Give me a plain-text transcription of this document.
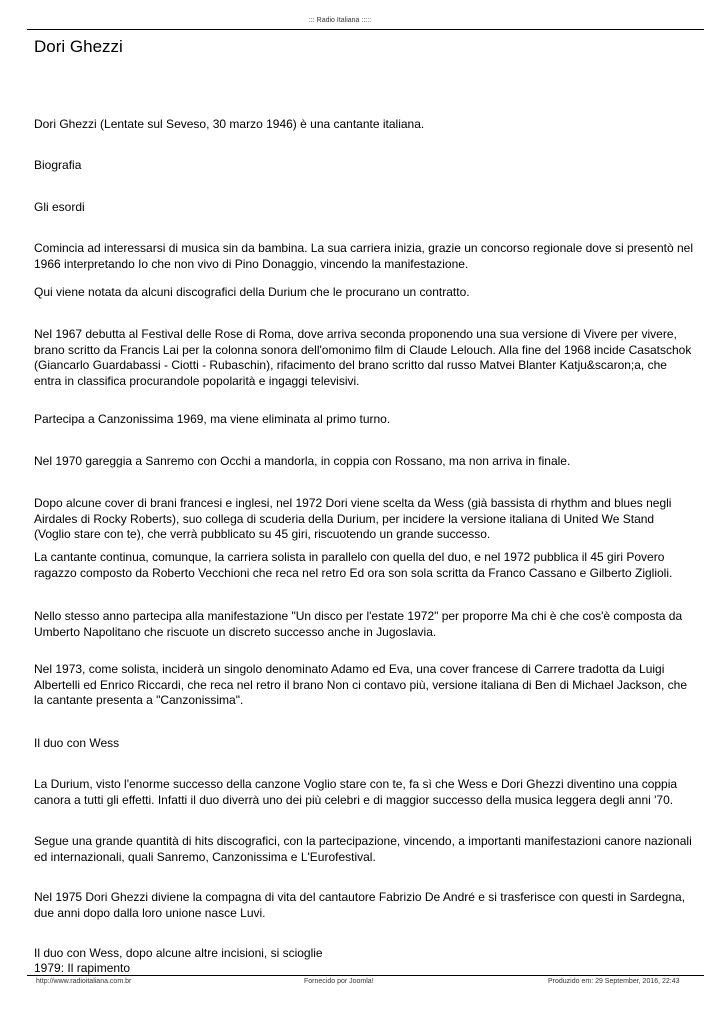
::: Radio Italiana :::::
Dori Ghezzi

Dori Ghezzi (Lentate sul Seveso, 30 marzo 1946) è una cantante italiana.

Biografia

Gli esordi

Comincia ad interessarsi di musica sin da bambina. La sua carriera inizia, grazie un concorso regionale dove si presentò nel 1966 interpretando Io che non vivo di Pino Donaggio, vincendo la manifestazione.

Qui viene notata da alcuni discografici della Durium che le procurano un contratto.

Nel 1967 debutta al Festival delle Rose di Roma, dove arriva seconda proponendo una sua versione di Vivere per vivere, brano scritto da Francis Lai per la colonna sonora dell'omonimo film di Claude Lelouch. Alla fine del 1968 incide Casatschok (Giancarlo Guardabassi - Ciotti - Rubaschin), rifacimento del brano scritto dal russo Matvei Blanter Katju&scaron;a, che entra in classifica procurandole popolarità e ingaggi televisivi.

Partecipa a Canzonissima 1969, ma viene eliminata al primo turno.

Nel 1970 gareggia a Sanremo con Occhi a mandorla, in coppia con Rossano, ma non arriva in finale.

Dopo alcune cover di brani francesi e inglesi, nel 1972 Dori viene scelta da Wess (già bassista di rhythm and blues negli Airdales di Rocky Roberts), suo collega di scuderia della Durium, per incidere la versione italiana di United We Stand (Voglio stare con te), che verrà pubblicato su 45 giri, riscuotendo un grande successo.

La cantante continua, comunque, la carriera solista in parallelo con quella del duo, e nel 1972 pubblica il 45 giri Povero ragazzo composto da Roberto Vecchioni che reca nel retro Ed ora son sola scritta da Franco Cassano e Gilberto Ziglioli.

Nello stesso anno partecipa alla manifestazione "Un disco per l'estate 1972" per proporre Ma chi è che cos'è composta da Umberto Napolitano che riscuote un discreto successo anche in Jugoslavia.

Nel 1973, come solista, inciderà un singolo denominato Adamo ed Eva, una cover francese di Carrere tradotta da Luigi Albertelli ed Enrico Riccardi, che reca nel retro il brano Non ci contavo più, versione italiana di Ben di Michael Jackson, che la cantante presenta a "Canzonissima".

Il duo con Wess

La Durium, visto l'enorme successo della canzone Voglio stare con te, fa sì che Wess e Dori Ghezzi diventino una coppia canora a tutti gli effetti. Infatti il duo diverrà uno dei più celebri e di maggior successo della musica leggera degli anni '70.

Segue una grande quantità di hits discografici, con la partecipazione, vincendo, a importanti manifestazioni canore nazionali ed internazionali, quali Sanremo, Canzonissima e L'Eurofestival.

Nel 1975 Dori Ghezzi diviene la compagna di vita del cantautore Fabrizio De André e si trasferisce con questi in Sardegna, due anni dopo dalla loro unione nasce Luvi.

Il duo con Wess, dopo alcune altre incisioni, si scioglie

1979: Il rapimento

http://www.radioitaliana.com.br	Fornecido por Joomla!	Produzido em: 29 September, 2016, 22:43
